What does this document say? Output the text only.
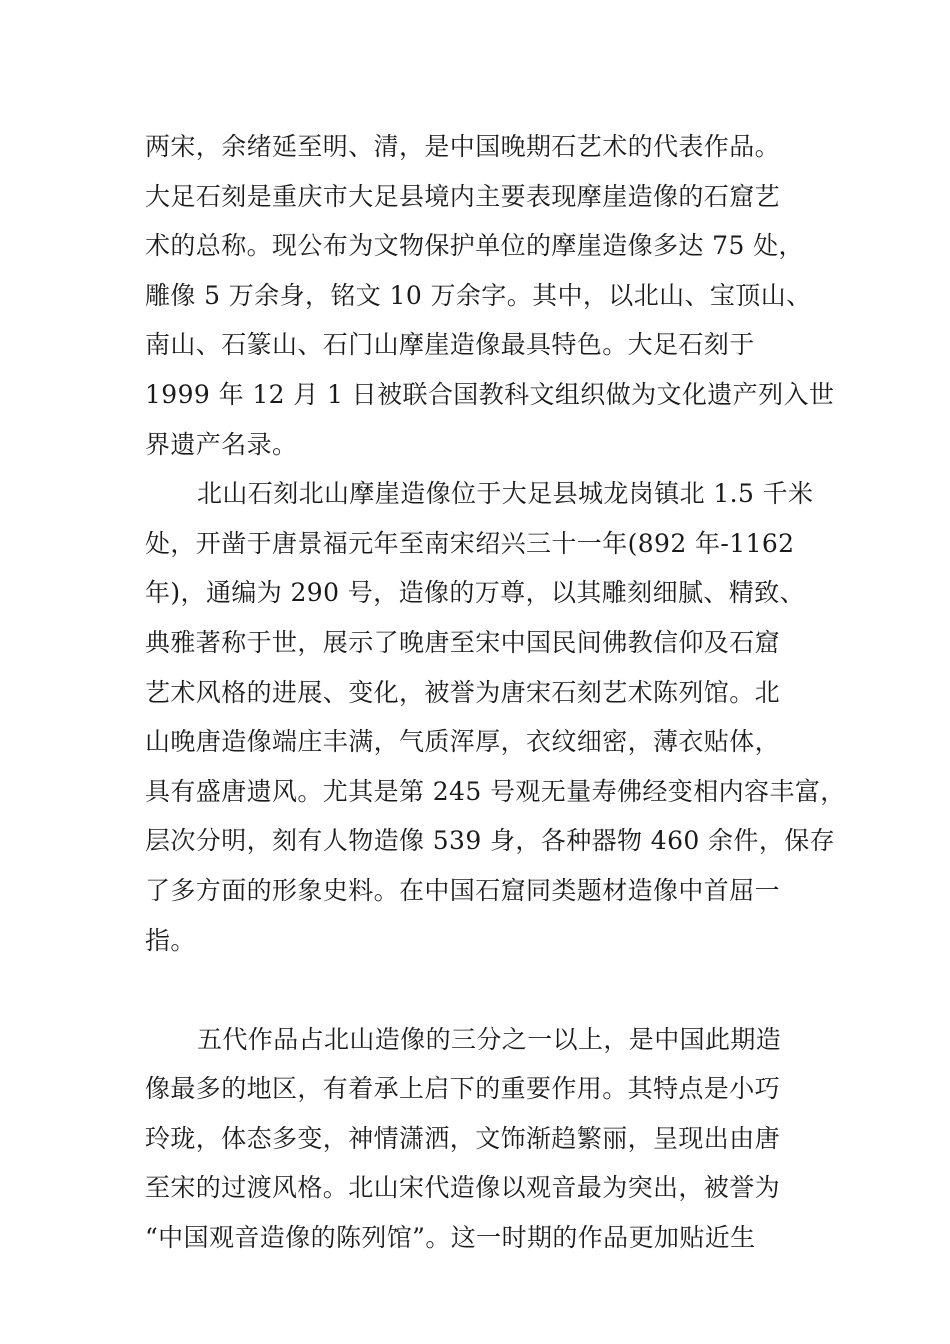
两宋，余绪延至明、清，是中国晚期石艺术的代表作品。
大足石刻是重庆市大足县境内主要表现摩崖造像的石窟艺
术的总称。现公布为文物保护单位的摩崖造像多达 75 处，
雕像 5 万余身，铭文 10 万余字。其中，以北山、宝顶山、
南山、石篆山、石门山摩崖造像最具特色。大足石刻于
1999 年 12 月 1 日被联合国教科文组织做为文化遗产列入世
界遗产名录。
北山石刻北山摩崖造像位于大足县城龙岗镇北 1.5 千米
处，开凿于唐景福元年至南宋绍兴三十一年(892 年-1162
年)，通编为 290 号，造像的万尊，以其雕刻细腻、精致、
典雅著称于世，展示了晚唐至宋中国民间佛教信仰及石窟
艺术风格的进展、变化，被誉为唐宋石刻艺术陈列馆。北
山晚唐造像端庄丰满，气质浑厚，衣纹细密，薄衣贴体，
具有盛唐遗风。尤其是第 245 号观无量寿佛经变相内容丰富，
层次分明，刻有人物造像 539 身，各种器物 460 余件，保存
了多方面的形象史料。在中国石窟同类题材造像中首屈一
指。
五代作品占北山造像的三分之一以上，是中国此期造
像最多的地区，有着承上启下的重要作用。其特点是小巧
玲珑，体态多变，神情潇洒，文饰渐趋繁丽，呈现出由唐
至宋的过渡风格。北山宋代造像以观音最为突出，被誉为
“中国观音造像的陈列馆”。这一时期的作品更加贴近生
